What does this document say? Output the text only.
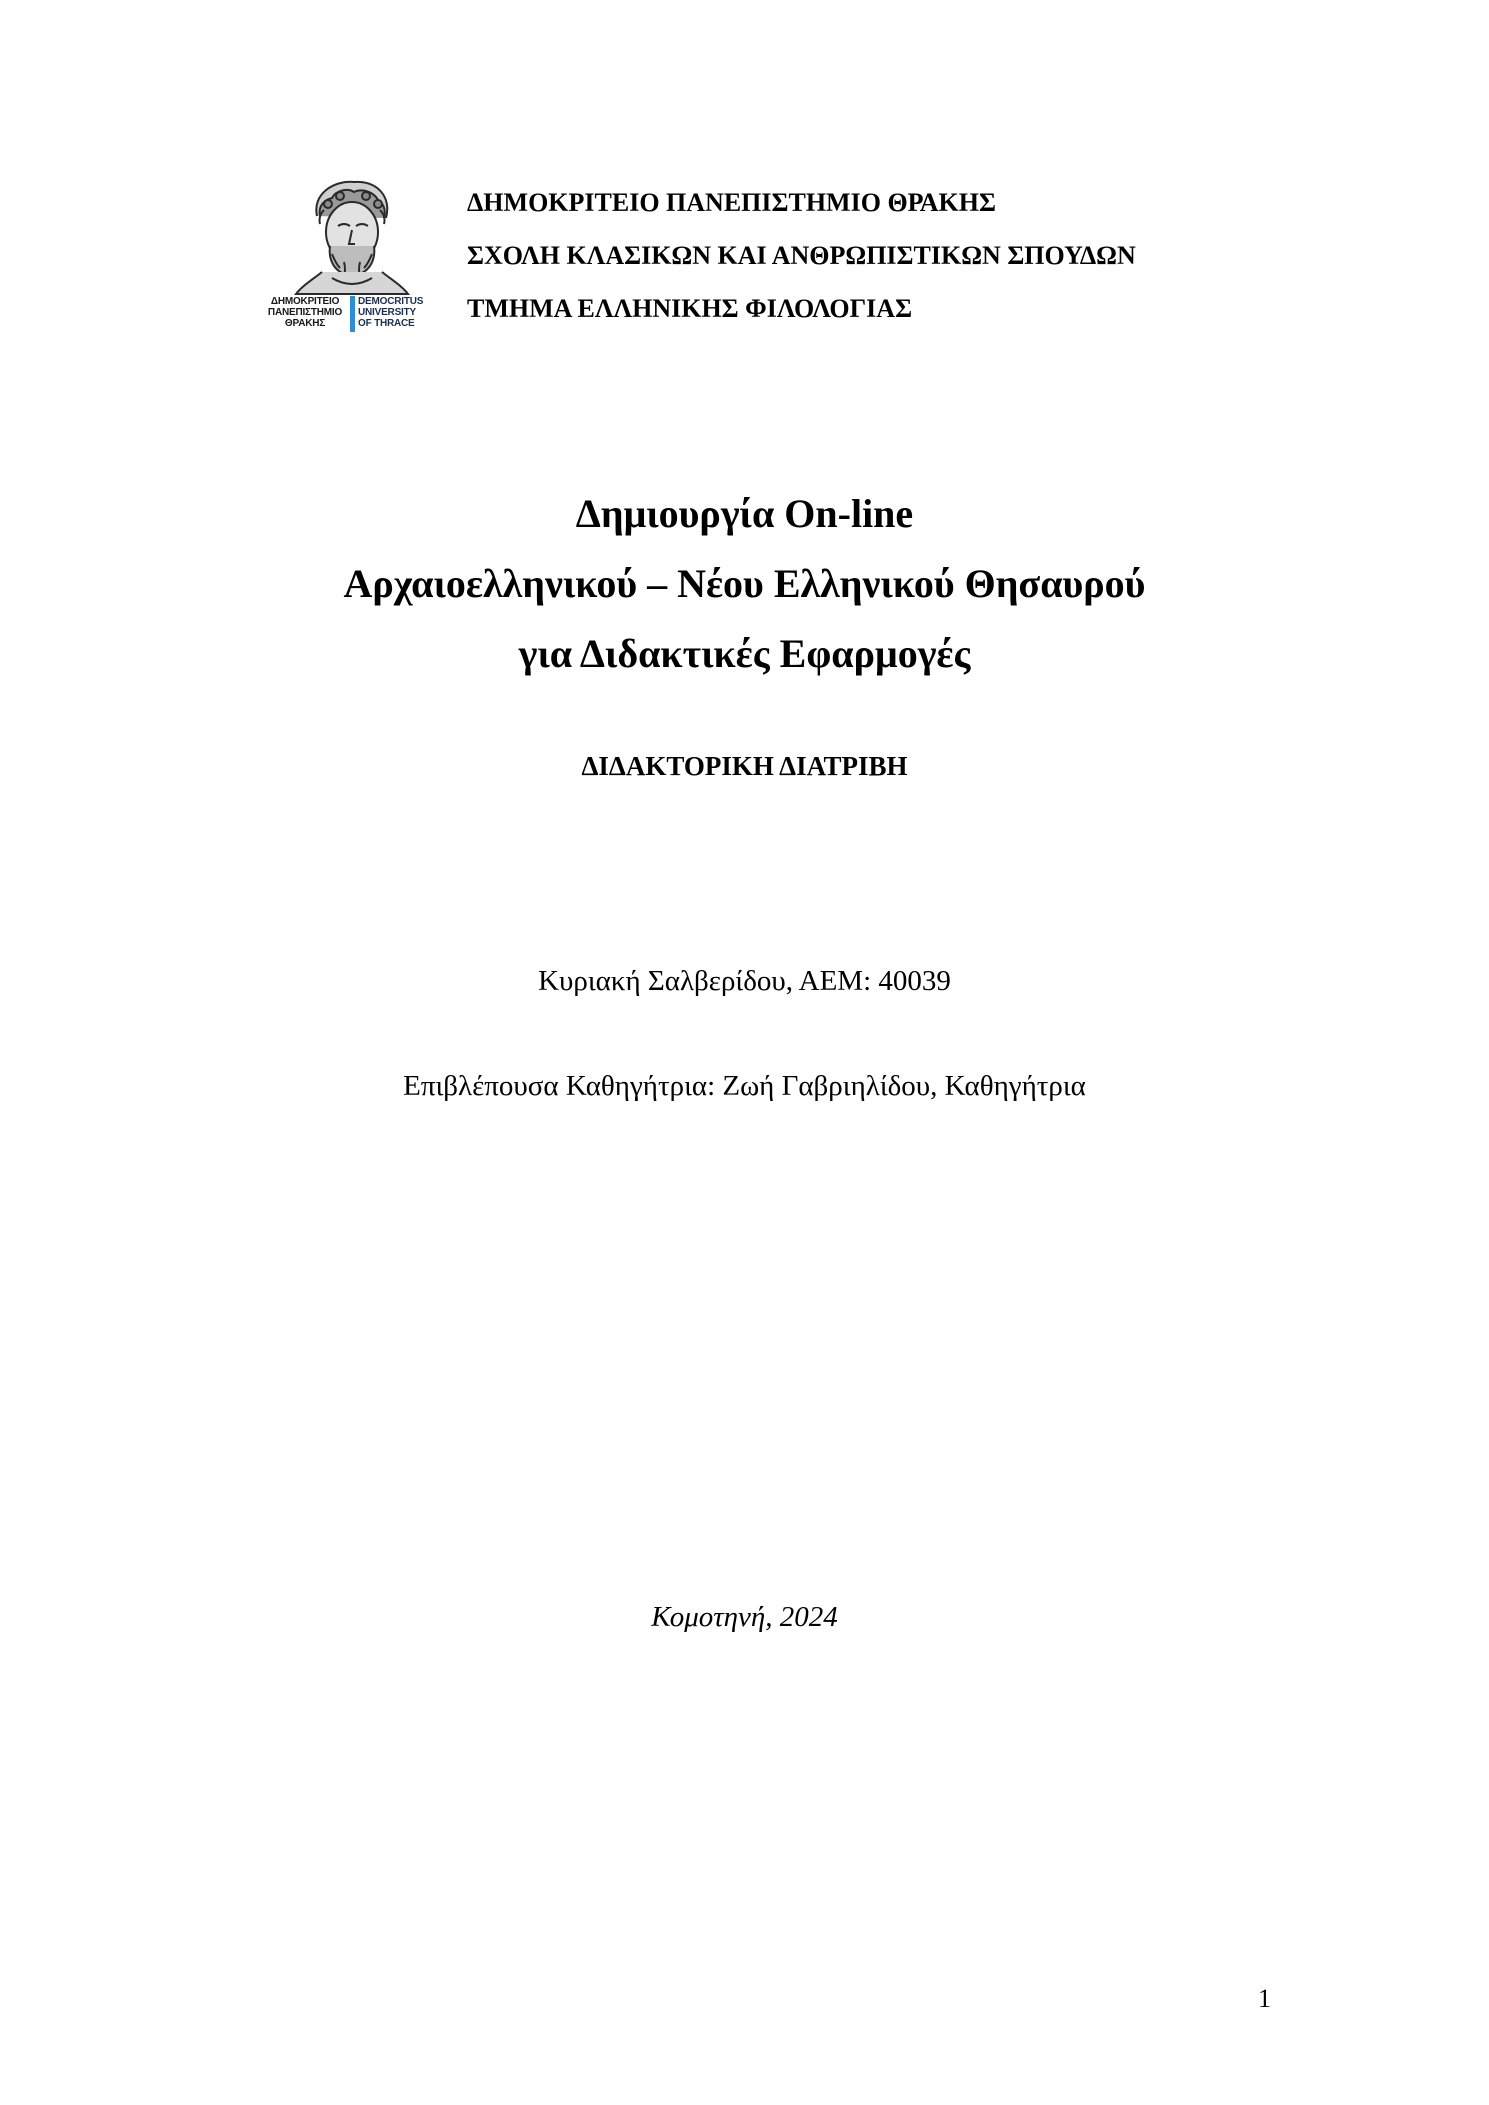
ΔΗΜΟΚΡΙΤΕΙΟ
ΠΑΝΕΠΙΣΤΗΜΙΟ
ΘΡΑΚΗΣ
DEMOCRITUS
UNIVERSITY
OF THRACE

ΔΗΜΟΚΡΙΤΕΙΟ ΠΑΝΕΠΙΣΤΗΜΙΟ ΘΡΑΚΗΣ

ΣΧΟΛΗ ΚΛΑΣΙΚΩΝ ΚΑΙ ΑΝΘΡΩΠΙΣΤΙΚΩΝ ΣΠΟΥΔΩΝ

ΤΜΗΜΑ ΕΛΛΗΝΙΚΗΣ ΦΙΛΟΛΟΓΙΑΣ

Δημιουργία On-line

Αρχαιοελληνικού – Νέου Ελληνικού Θησαυρού

για Διδακτικές Εφαρμογές

ΔΙΔΑΚΤΟΡΙΚΗ ΔΙΑΤΡΙΒΗ
Κυριακή Σαλβερίδου, ΑΕΜ: 40039
Επιβλέπουσα Καθηγήτρια: Ζωή Γαβριηλίδου, Καθηγήτρια
Κομοτηνή, 2024
1
